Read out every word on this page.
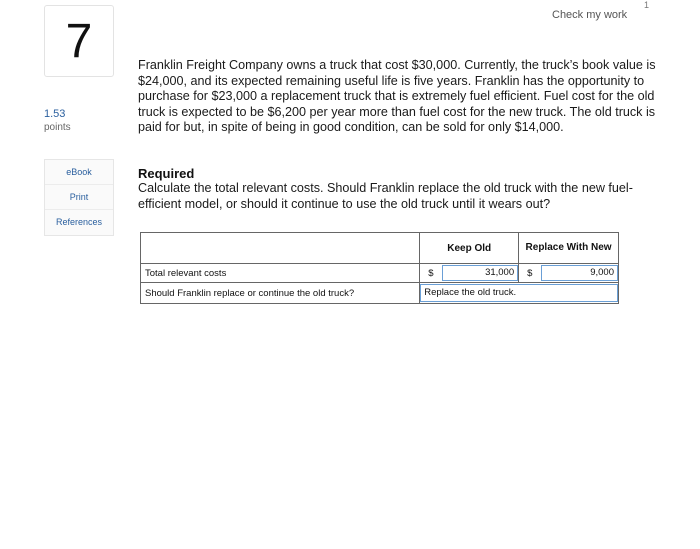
7
1.53
points
eBook
Print
References
Check my work
1
Franklin Freight Company owns a truck that cost $30,000. Currently, the truck’s book value is $24,000, and its expected remaining useful life is five years. Franklin has the opportunity to purchase for $23,000 a replacement truck that is extremely fuel efficient. Fuel cost for the old truck is expected to be $6,200 per year more than fuel cost for the new truck. The old truck is paid for but, in spite of being in good condition, can be sold for only $14,000.
Required
Calculate the total relevant costs. Should Franklin replace the old truck with the new fuel-efficient model, or should it continue to use the old truck until it wears out?
	Keep Old	Replace With New
Total relevant costs	$ 31,000	$ 9,000

Should Franklin replace or continue the old truck?	Replace the old truck.	
